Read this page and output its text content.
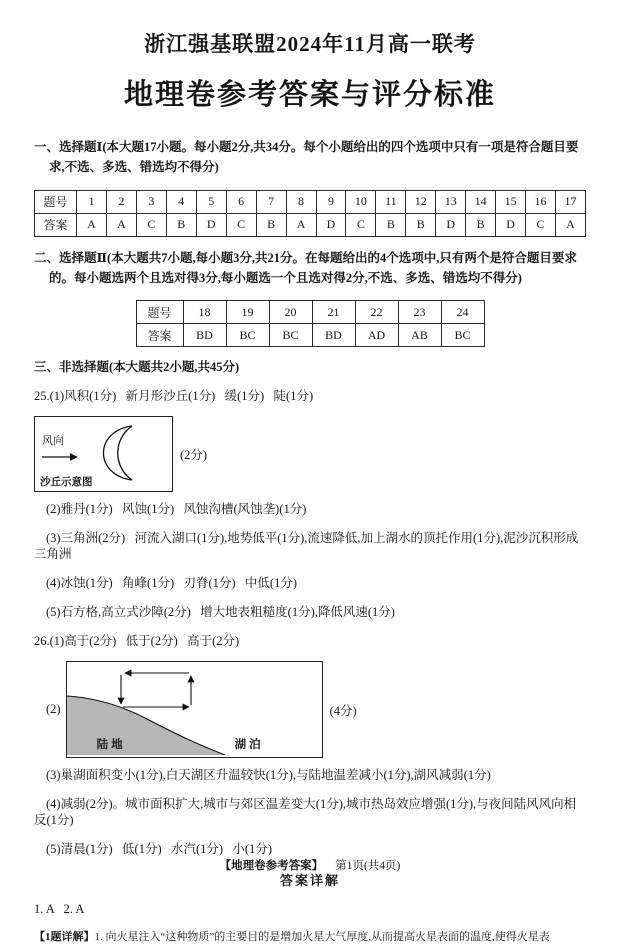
浙江强基联盟2024年11月高一联考
地理卷参考答案与评分标准

一、选择题Ⅰ(本大题17小题。每小题2分,共34分。每个小题给出的四个选项中只有一项是符合题目要求,不选、多选、错选均不得分)

题号	1	2	3	4	5	6	7	8	9	10	11	12	13	14	15	16	17
答案	A	A	C	B	D	C	B	A	D	C	B	B	D	B	D	C	A

二、选择题Ⅱ(本大题共7小题,每小题3分,共21分。在每题给出的4个选项中,只有两个是符合题目要求的。每小题选两个且选对得3分,每小题选一个且选对得2分,不选、多选、错选均不得分)

题号	18	19	20	21	22	23	24
答案	BD	BC	BC	BD	AD	AB	BC

三、非选择题(本大题共2小题,共45分)

25.(1)风积(1分)   新月形沙丘(1分)   缓(1分)   陡(1分)

风向
沙丘示意图
(2分)

(2)雅丹(1分)   风蚀(1分)   风蚀沟槽(风蚀垄)(1分)

(3)三角洲(2分)   河流入湖口(1分),地势低平(1分),流速降低,加上湖水的顶托作用(1分),泥沙沉积形成三角洲

(4)冰蚀(1分)   角峰(1分)   刃脊(1分)   中低(1分)

(5)石方格,高立式沙障(2分)   增大地表粗糙度(1分),降低风速(1分)

26.(1)高于(2分)   低于(2分)   高于(2分)

(2)
陆地	湖泊
(4分)

(3)巢湖面积变小(1分),白天湖区升温较快(1分),与陆地温差减小(1分),湖风减弱(1分)

(4)减弱(2分)。城市面积扩大,城市与郊区温差变大(1分),城市热岛效应增强(1分),与夜间陆风风向相反(1分)

(5)清晨(1分)   低(1分)   水汽(1分)   小(1分)

答案详解

1. A   2. A

【1题详解】1. 向火星注入“这种物质”的主要目的是增加火星大气厚度,从而提高火星表面的温度,使得火星表

【地理卷参考答案】 第1页(共4页)
